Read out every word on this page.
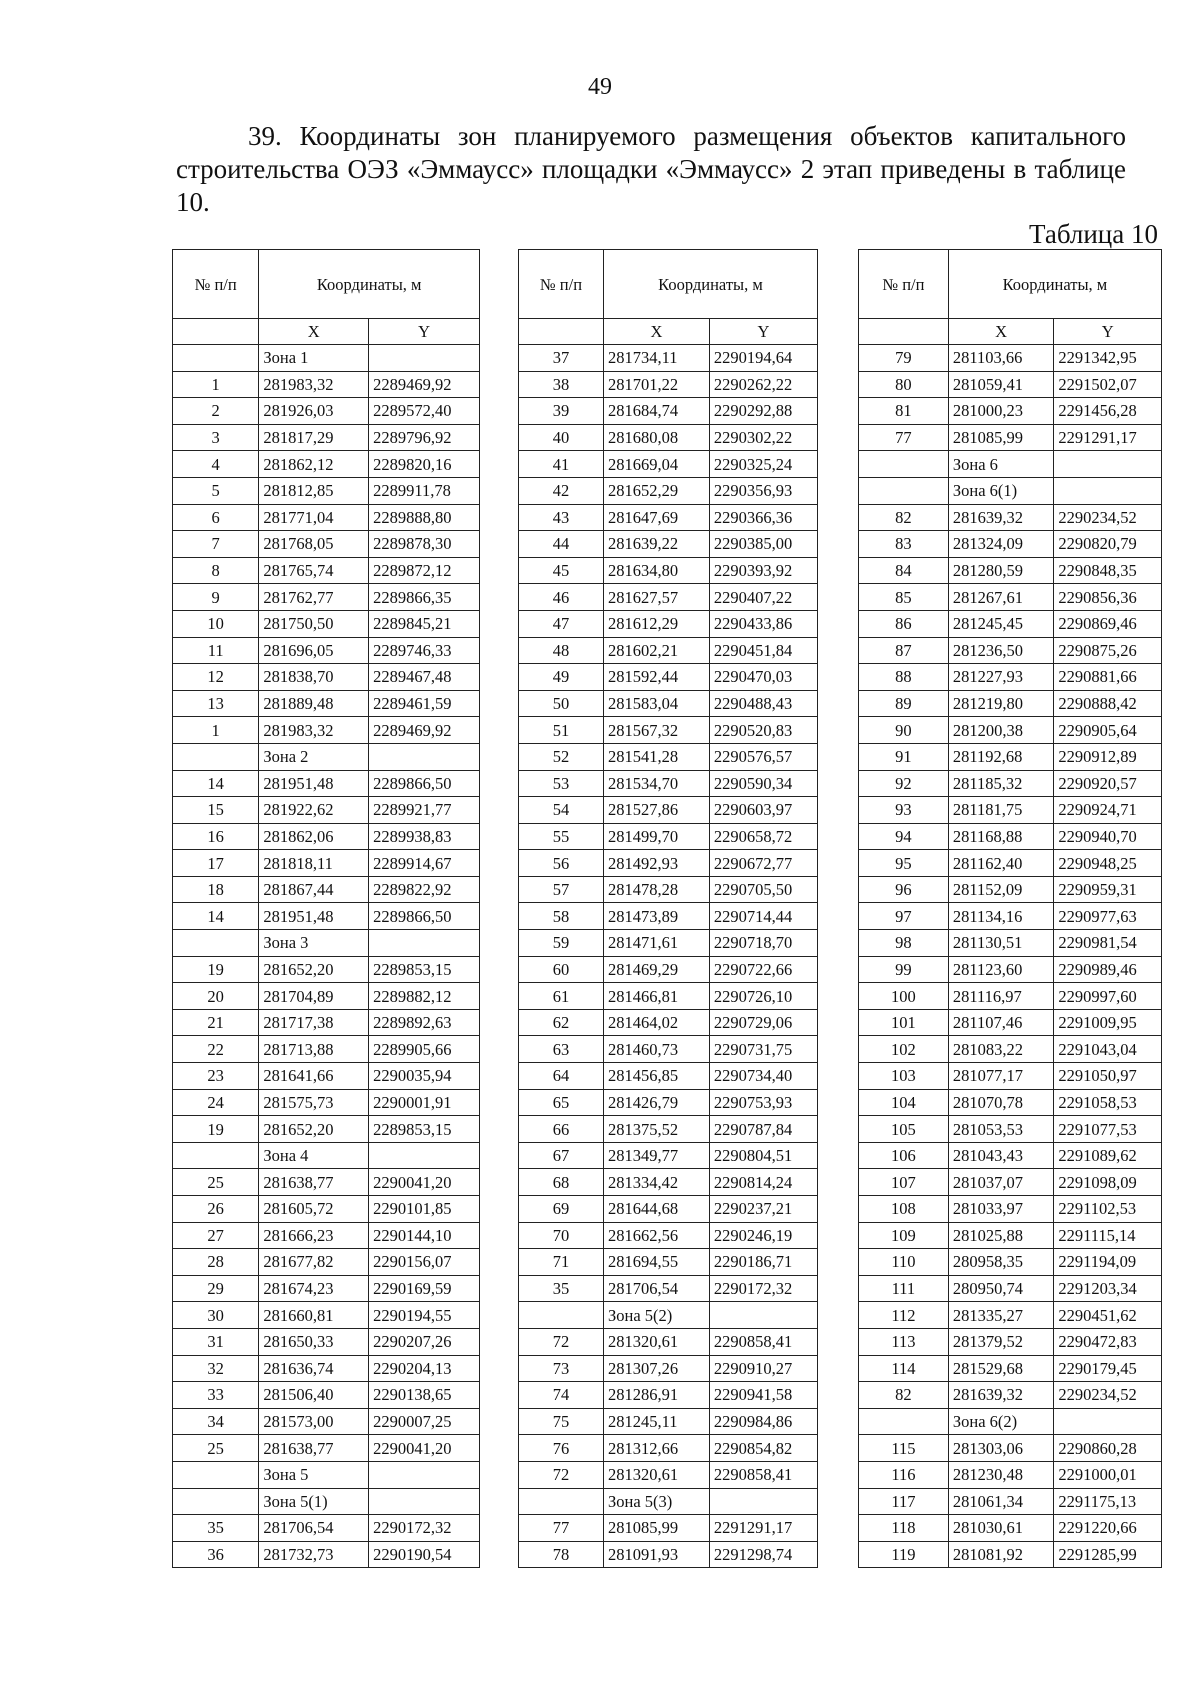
49

39. Координаты зон планируемого размещения объектов капитального строительства ОЭЗ «Эммаусс» площадки «Эммаусс» 2 этап приведены в таблице 10.

Таблица 10
№ п/п	Координаты, м	
	X	Y
	Зона 1	
1	281983,32	2289469,92
2	281926,03	2289572,40
3	281817,29	2289796,92
4	281862,12	2289820,16
5	281812,85	2289911,78
6	281771,04	2289888,80
7	281768,05	2289878,30
8	281765,74	2289872,12
9	281762,77	2289866,35
10	281750,50	2289845,21
11	281696,05	2289746,33
12	281838,70	2289467,48
13	281889,48	2289461,59
1	281983,32	2289469,92
	Зона 2	
14	281951,48	2289866,50
15	281922,62	2289921,77
16	281862,06	2289938,83
17	281818,11	2289914,67
18	281867,44	2289822,92
14	281951,48	2289866,50
	Зона 3	
19	281652,20	2289853,15
20	281704,89	2289882,12
21	281717,38	2289892,63
22	281713,88	2289905,66
23	281641,66	2290035,94
24	281575,73	2290001,91
19	281652,20	2289853,15
	Зона 4	
25	281638,77	2290041,20
26	281605,72	2290101,85
27	281666,23	2290144,10
28	281677,82	2290156,07
29	281674,23	2290169,59
30	281660,81	2290194,55
31	281650,33	2290207,26
32	281636,74	2290204,13
33	281506,40	2290138,65
34	281573,00	2290007,25
25	281638,77	2290041,20
	Зона 5	
	Зона 5(1)	
35	281706,54	2290172,32
36	281732,73	2290190,54
№ п/п	Координаты, м	
	X	Y
37	281734,11	2290194,64
38	281701,22	2290262,22
39	281684,74	2290292,88
40	281680,08	2290302,22
41	281669,04	2290325,24
42	281652,29	2290356,93
43	281647,69	2290366,36
44	281639,22	2290385,00
45	281634,80	2290393,92
46	281627,57	2290407,22
47	281612,29	2290433,86
48	281602,21	2290451,84
49	281592,44	2290470,03
50	281583,04	2290488,43
51	281567,32	2290520,83
52	281541,28	2290576,57
53	281534,70	2290590,34
54	281527,86	2290603,97
55	281499,70	2290658,72
56	281492,93	2290672,77
57	281478,28	2290705,50
58	281473,89	2290714,44
59	281471,61	2290718,70
60	281469,29	2290722,66
61	281466,81	2290726,10
62	281464,02	2290729,06
63	281460,73	2290731,75
64	281456,85	2290734,40
65	281426,79	2290753,93
66	281375,52	2290787,84
67	281349,77	2290804,51
68	281334,42	2290814,24
69	281644,68	2290237,21
70	281662,56	2290246,19
71	281694,55	2290186,71
35	281706,54	2290172,32
	Зона 5(2)	
72	281320,61	2290858,41
73	281307,26	2290910,27
74	281286,91	2290941,58
75	281245,11	2290984,86
76	281312,66	2290854,82
72	281320,61	2290858,41
	Зона 5(3)	
77	281085,99	2291291,17
78	281091,93	2291298,74
№ п/п	Координаты, м	
	X	Y
79	281103,66	2291342,95
80	281059,41	2291502,07
81	281000,23	2291456,28
77	281085,99	2291291,17
	Зона 6	
	Зона 6(1)	
82	281639,32	2290234,52
83	281324,09	2290820,79
84	281280,59	2290848,35
85	281267,61	2290856,36
86	281245,45	2290869,46
87	281236,50	2290875,26
88	281227,93	2290881,66
89	281219,80	2290888,42
90	281200,38	2290905,64
91	281192,68	2290912,89
92	281185,32	2290920,57
93	281181,75	2290924,71
94	281168,88	2290940,70
95	281162,40	2290948,25
96	281152,09	2290959,31
97	281134,16	2290977,63
98	281130,51	2290981,54
99	281123,60	2290989,46
100	281116,97	2290997,60
101	281107,46	2291009,95
102	281083,22	2291043,04
103	281077,17	2291050,97
104	281070,78	2291058,53
105	281053,53	2291077,53
106	281043,43	2291089,62
107	281037,07	2291098,09
108	281033,97	2291102,53
109	281025,88	2291115,14
110	280958,35	2291194,09
111	280950,74	2291203,34
112	281335,27	2290451,62
113	281379,52	2290472,83
114	281529,68	2290179,45
82	281639,32	2290234,52
	Зона 6(2)	
115	281303,06	2290860,28
116	281230,48	2291000,01
117	281061,34	2291175,13
118	281030,61	2291220,66
119	281081,92	2291285,99
